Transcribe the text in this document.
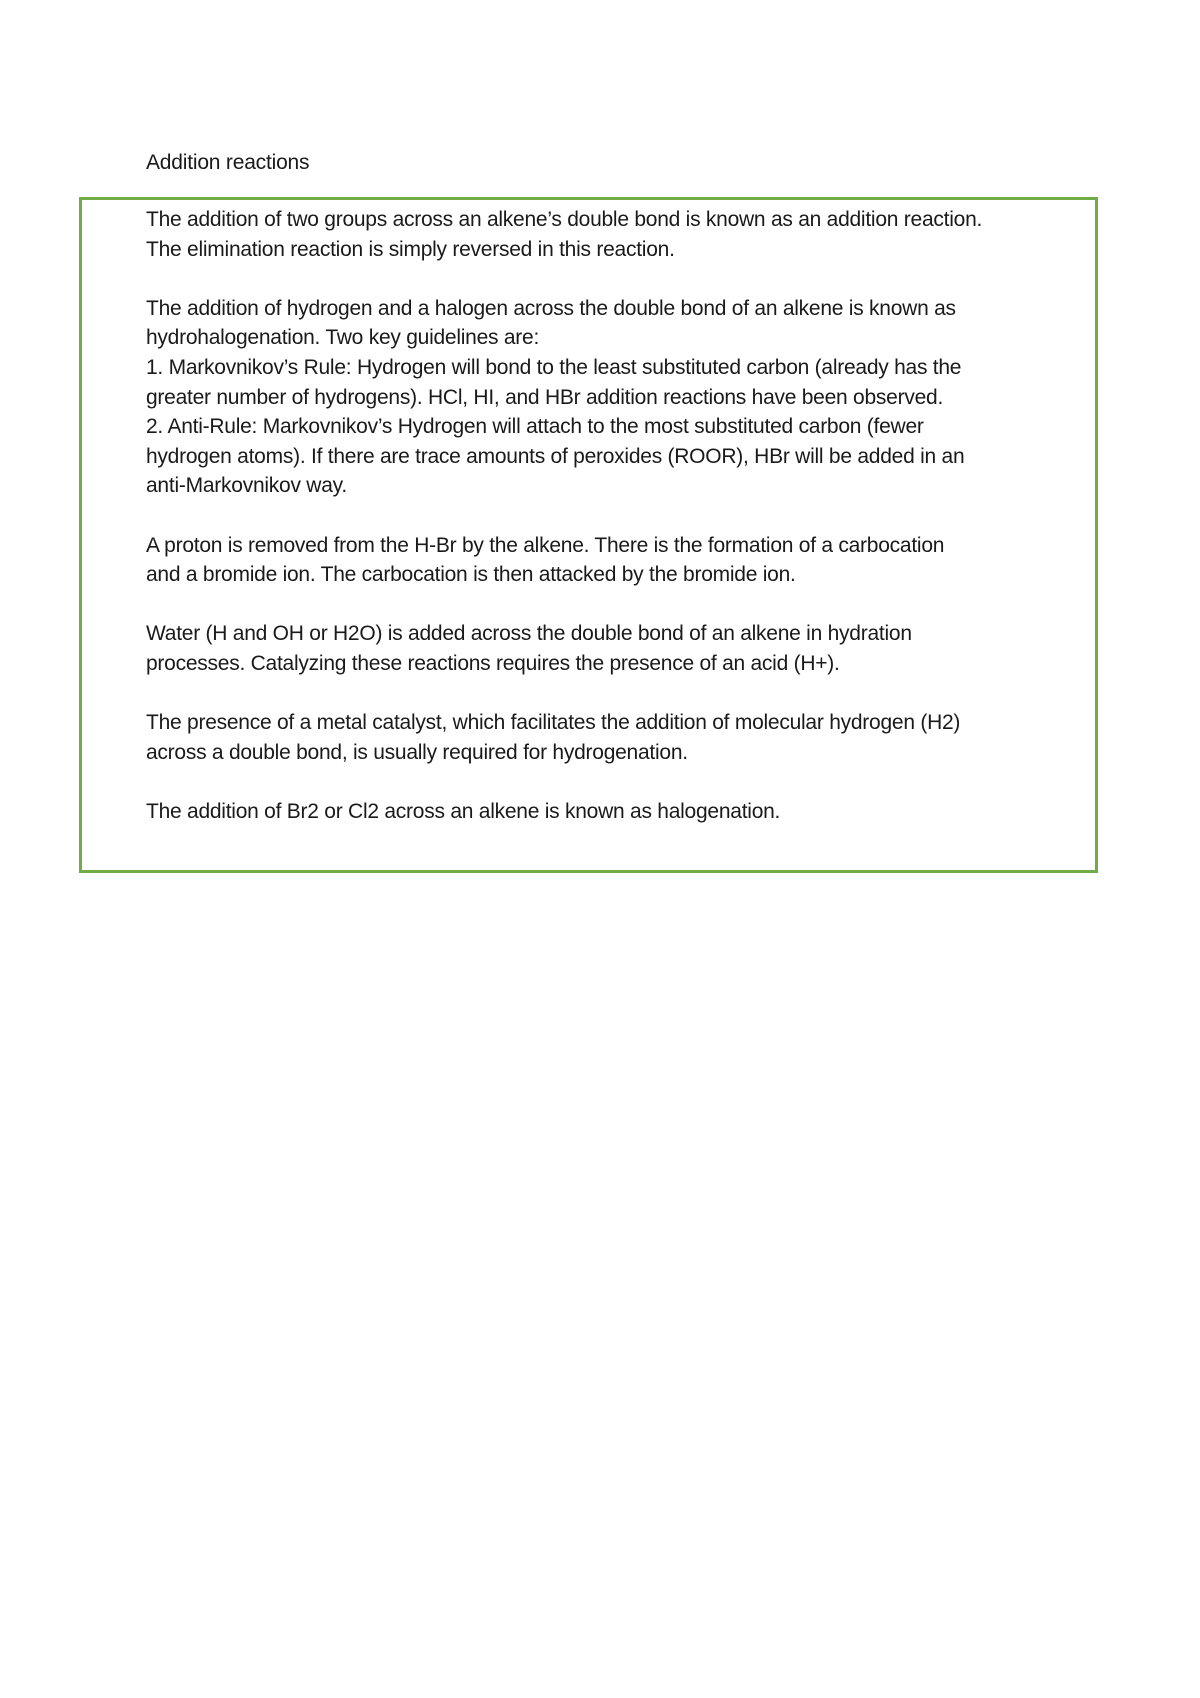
Addition reactions

The addition of two groups across an alkene’s double bond is known as an addition reaction.
The elimination reaction is simply reversed in this reaction.

The addition of hydrogen and a halogen across the double bond of an alkene is known as
hydrohalogenation. Two key guidelines are:
1. Markovnikov’s Rule: Hydrogen will bond to the least substituted carbon (already has the
greater number of hydrogens). HCl, HI, and HBr addition reactions have been observed.
2. Anti-Rule: Markovnikov’s Hydrogen will attach to the most substituted carbon (fewer
hydrogen atoms). If there are trace amounts of peroxides (ROOR), HBr will be added in an
anti-Markovnikov way.

A proton is removed from the H-Br by the alkene. There is the formation of a carbocation
and a bromide ion. The carbocation is then attacked by the bromide ion.

Water (H and OH or H2O) is added across the double bond of an alkene in hydration
processes. Catalyzing these reactions requires the presence of an acid (H+).

The presence of a metal catalyst, which facilitates the addition of molecular hydrogen (H2)
across a double bond, is usually required for hydrogenation.

The addition of Br2 or Cl2 across an alkene is known as halogenation.
